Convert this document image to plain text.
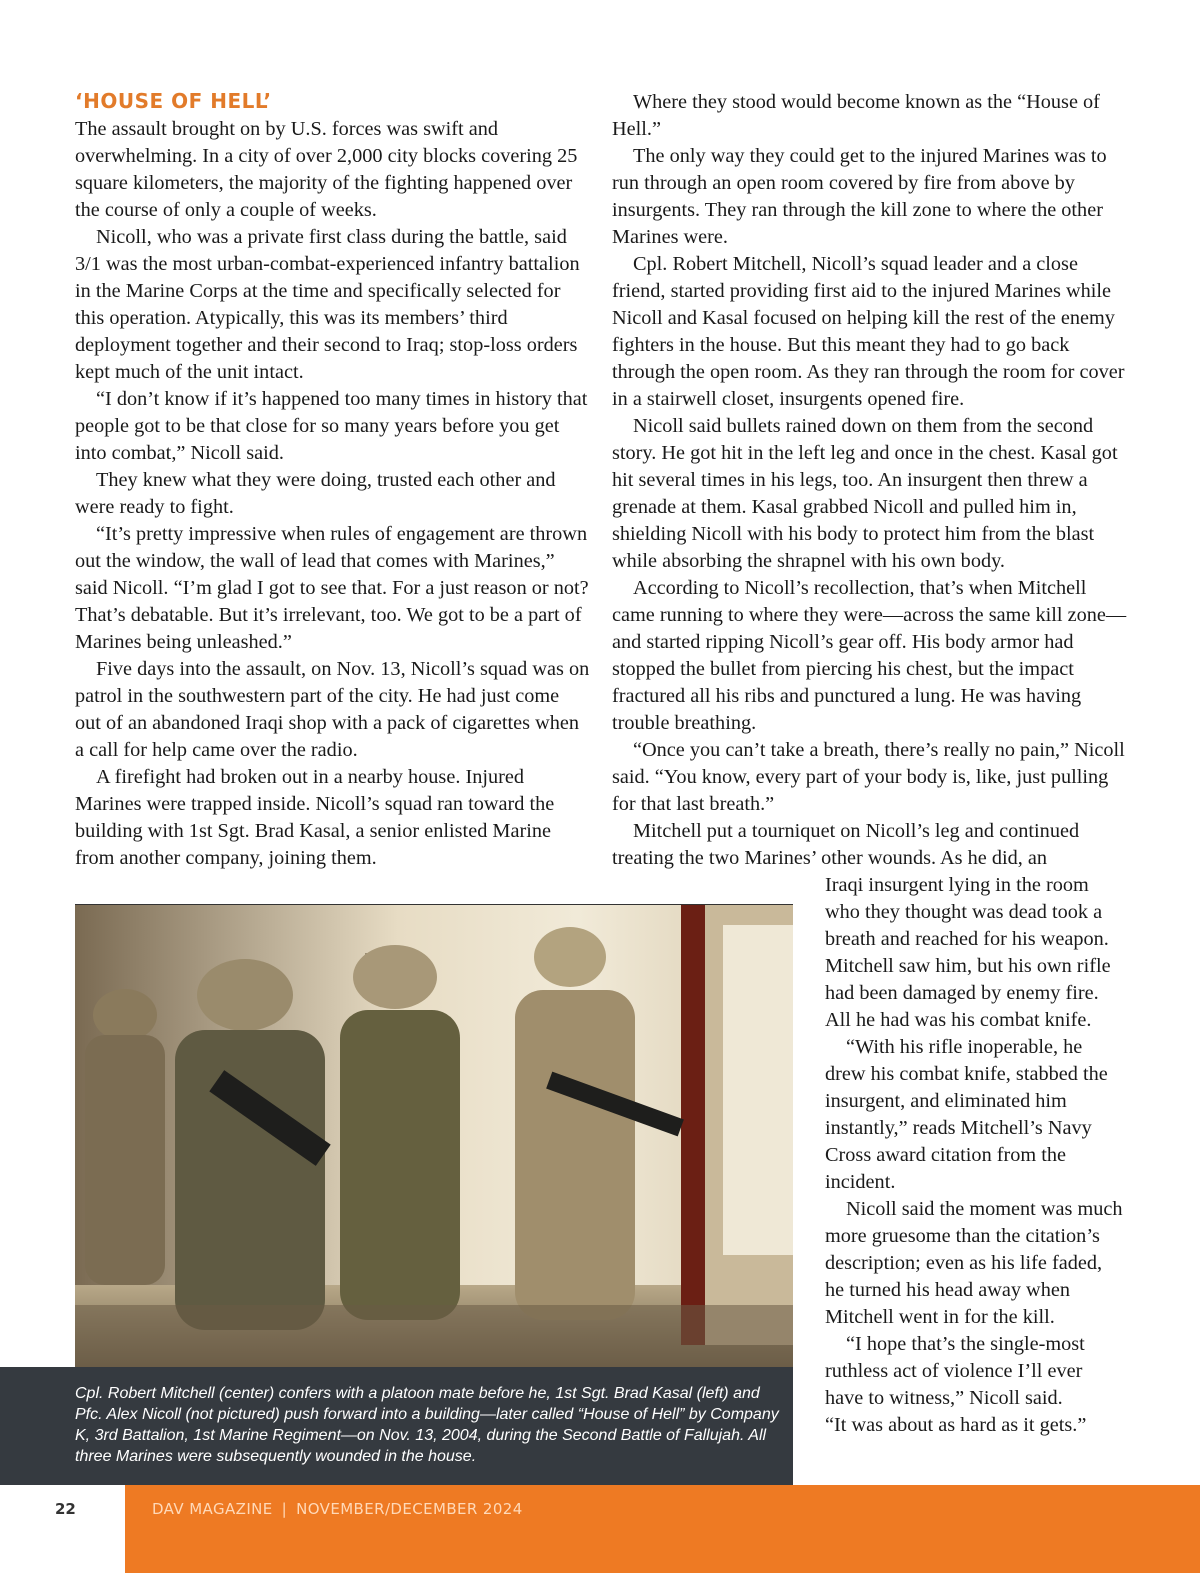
‘HOUSE OF HELL’

The assault brought on by U.S. forces was swift and overwhelming. In a city of over 2,000 city blocks covering 25 square kilometers, the majority of the fighting happened over the course of only a couple of weeks.

Nicoll, who was a private first class during the battle, said 3/1 was the most urban-combat-experienced infantry battalion in the Marine Corps at the time and specifically selected for this operation. Atypically, this was its members’ third deployment together and their second to Iraq; stop-loss orders kept much of the unit intact.

“I don’t know if it’s happened too many times in history that people got to be that close for so many years before you get into combat,” Nicoll said.

They knew what they were doing, trusted each other and were ready to fight.

“It’s pretty impressive when rules of engagement are thrown out the window, the wall of lead that comes with Marines,” said Nicoll. “I’m glad I got to see that. For a just reason or not? That’s debatable. But it’s irrelevant, too. We got to be a part of Marines being unleashed.”

Five days into the assault, on Nov. 13, Nicoll’s squad was on patrol in the southwestern part of the city. He had just come out of an abandoned Iraqi shop with a pack of cigarettes when a call for help came over the radio.

A firefight had broken out in a nearby house. Injured Marines were trapped inside. Nicoll’s squad ran toward the building with 1st Sgt. Brad Kasal, a senior enlisted Marine from another company, joining them.

Where they stood would become known as the “House of Hell.”

The only way they could get to the injured Marines was to run through an open room covered by fire from above by insurgents. They ran through the kill zone to where the other Marines were.

Cpl. Robert Mitchell, Nicoll’s squad leader and a close friend, started providing first aid to the injured Marines while Nicoll and Kasal focused on helping kill the rest of the enemy fighters in the house. But this meant they had to go back through the open room. As they ran through the room for cover in a stairwell closet, insurgents opened fire.

Nicoll said bullets rained down on them from the second story. He got hit in the left leg and once in the chest. Kasal got hit several times in his legs, too. An insurgent then threw a grenade at them. Kasal grabbed Nicoll and pulled him in, shielding Nicoll with his body to protect him from the blast while absorbing the shrapnel with his own body.

According to Nicoll’s recollection, that’s when Mitchell came running to where they were—across the same kill zone—and started ripping Nicoll’s gear off. His body armor had stopped the bullet from piercing his chest, but the impact fractured all his ribs and punctured a lung. He was having trouble breathing.

“Once you can’t take a breath, there’s really no pain,” Nicoll said. “You know, every part of your body is, like, just pulling for that last breath.”

Mitchell put a tourniquet on Nicoll’s leg and continued treating the two Marines’ other wounds. As he did, an

Iraqi insurgent lying in the room who they thought was dead took a breath and reached for his weapon. Mitchell saw him, but his own rifle had been damaged by enemy fire. All he had was his combat knife.

“With his rifle inoperable, he drew his combat knife, stabbed the insurgent, and eliminated him instantly,” reads Mitchell’s Navy Cross award citation from the incident.

Nicoll said the moment was much more gruesome than the citation’s description; even as his life faded, he turned his head away when Mitchell went in for the kill.

“I hope that’s the single-most ruthless act of violence I’ll ever have to witness,” Nicoll said.

“It was about as hard as it gets.”

Cpl. Robert Mitchell (center) confers with a platoon mate before he, 1st Sgt. Brad Kasal (left) and Pfc. Alex Nicoll (not pictured) push forward into a building—later called “House of Hell” by Company K, 3rd Battalion, 1st Marine Regiment—on Nov. 13, 2004, during the Second Battle of Fallujah. All three Marines were subsequently wounded in the house.

22	DAV MAGAZINE | NOVEMBER/DECEMBER 2024
